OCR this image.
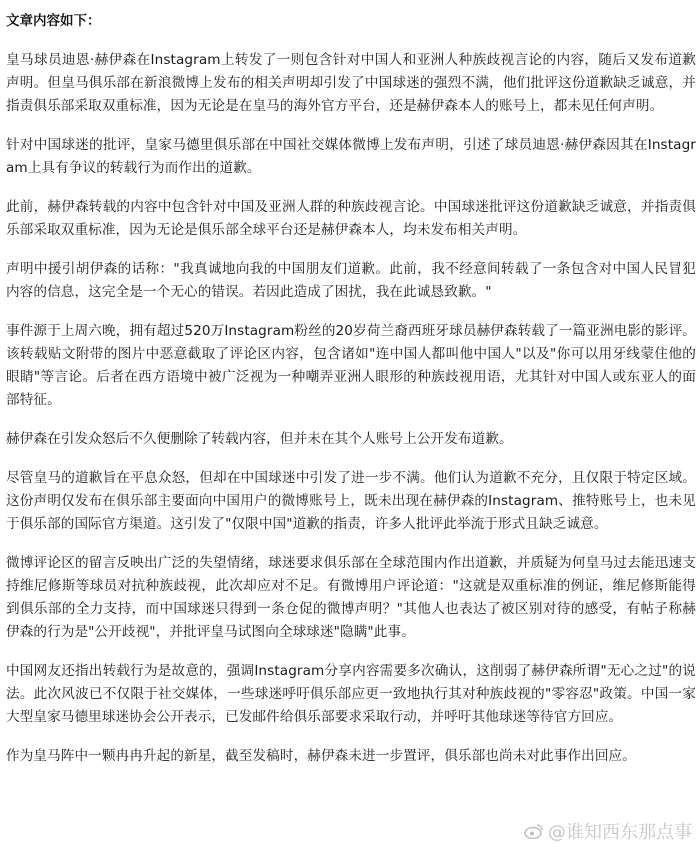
文章内容如下：

皇马球员迪恩·赫伊森在Instagram上转发了一则包含针对中国人和亚洲人种族歧视言论的内容，随后又发布道歉声明。但皇马俱乐部在新浪微博上发布的相关声明却引发了中国球迷的强烈不满，他们批评这份道歉缺乏诚意，并指责俱乐部采取双重标准，因为无论是在皇马的海外官方平台，还是赫伊森本人的账号上，都未见任何声明。

针对中国球迷的批评，皇家马德里俱乐部在中国社交媒体微博上发布声明，引述了球员迪恩·赫伊森因其在Instagram上具有争议的转载行为而作出的道歉。

此前，赫伊森转载的内容中包含针对中国及亚洲人群的种族歧视言论。中国球迷批评这份道歉缺乏诚意，并指责俱乐部采取双重标准，因为无论是俱乐部全球平台还是赫伊森本人，均未发布相关声明。

声明中援引胡伊森的话称："我真诚地向我的中国朋友们道歉。此前，我不经意间转载了一条包含对中国人民冒犯内容的信息，这完全是一个无心的错误。若因此造成了困扰，我在此诚恳致歉。"

事件源于上周六晚，拥有超过520万Instagram粉丝的20岁荷兰裔西班牙球员赫伊森转载了一篇亚洲电影的影评。该转载贴文附带的图片中恶意截取了评论区内容，包含诸如"连中国人都叫他中国人"以及"你可以用牙线蒙住他的眼睛"等言论。后者在西方语境中被广泛视为一种嘲弄亚洲人眼形的种族歧视用语，尤其针对中国人或东亚人的面部特征。

赫伊森在引发众怒后不久便删除了转载内容，但并未在其个人账号上公开发布道歉。

尽管皇马的道歉旨在平息众怒，但却在中国球迷中引发了进一步不满。他们认为道歉不充分，且仅限于特定区域。这份声明仅发布在俱乐部主要面向中国用户的微博账号上，既未出现在赫伊森的Instagram、推特账号上，也未见于俱乐部的国际官方渠道。这引发了"仅限中国"道歉的指责，许多人批评此举流于形式且缺乏诚意。

微博评论区的留言反映出广泛的失望情绪，球迷要求俱乐部在全球范围内作出道歉，并质疑为何皇马过去能迅速支持维尼修斯等球员对抗种族歧视，此次却应对不足。有微博用户评论道："这就是双重标准的例证，维尼修斯能得到俱乐部的全力支持，而中国球迷只得到一条仓促的微博声明？"其他人也表达了被区别对待的感受，有帖子称赫伊森的行为是"公开歧视"，并批评皇马试图向全球球迷"隐瞒"此事。

中国网友还指出转载行为是故意的，强调Instagram分享内容需要多次确认，这削弱了赫伊森所谓"无心之过"的说法。此次风波已不仅限于社交媒体，一些球迷呼吁俱乐部应更一致地执行其对种族歧视的"零容忍"政策。中国一家大型皇家马德里球迷协会公开表示，已发邮件给俱乐部要求采取行动，并呼吁其他球迷等待官方回应。

作为皇马阵中一颗冉冉升起的新星，截至发稿时，赫伊森未进一步置评，俱乐部也尚未对此事作出回应。

@谁知西东那点事
